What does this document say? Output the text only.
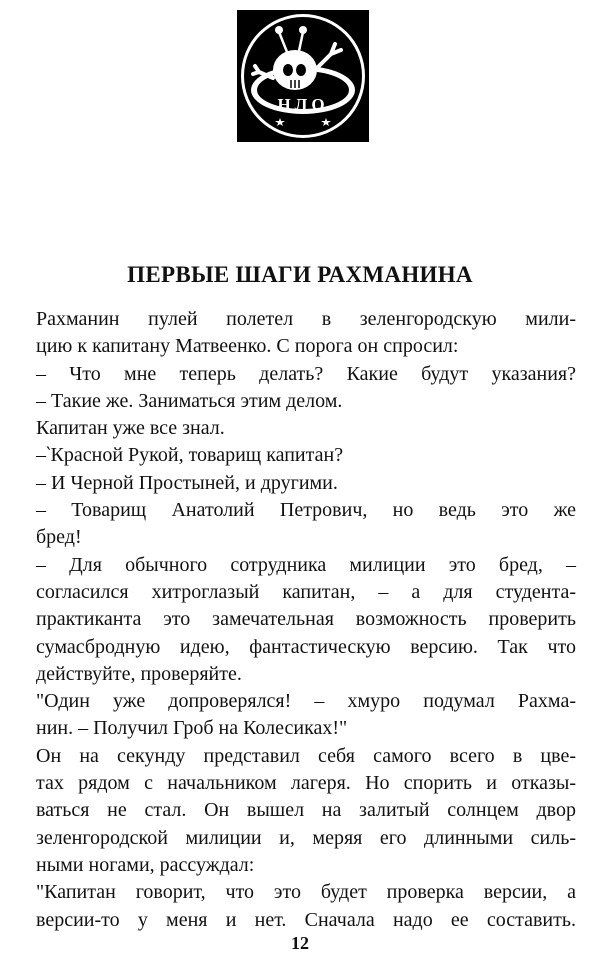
НЛО
ПЕРВЫЕ ШАГИ РАХМАНИНА
Рахманин пулей полетел в зеленгородскую мили-
цию к капитану Матвеенко. С порога он спросил:
– Что мне теперь делать? Какие будут указания?
– Такие же. Заниматься этим делом.
Капитан уже все знал.
–‵Красной Рукой, товарищ капитан?
– И Черной Простыней, и другими.
– Товарищ Анатолий Петрович, но ведь это же
бред!
– Для обычного сотрудника милиции это бред, –
согласился хитроглазый капитан, – а для студента-
практиканта это замечательная возможность проверить
сумасбродную идею, фантастическую версию. Так что
действуйте, проверяйте.
"Один уже допроверялся! – хмуро подумал Рахма-
нин. – Получил Гроб на Колесиках!"
Он на секунду представил себя самого всего в цве-
тах рядом с начальником лагеря. Но спорить и отказы-
ваться не стал. Он вышел на залитый солнцем двор
зеленгородской милиции и, меряя его длинными силь-
ными ногами, рассуждал:
"Капитан говорит, что это будет проверка версии, а
версии-то у меня и нет. Сначала надо ее составить.
12
